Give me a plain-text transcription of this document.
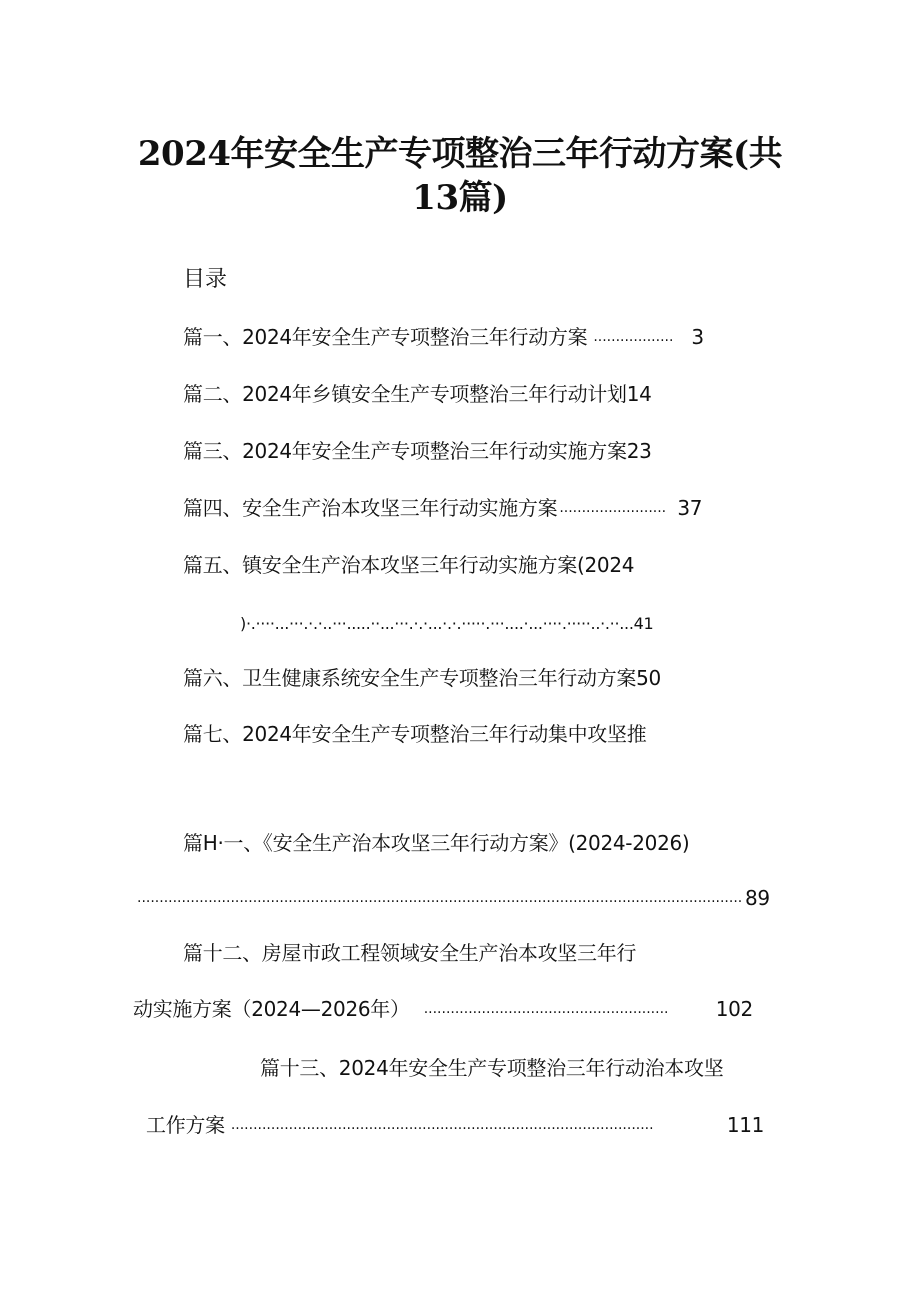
2024年安全生产专项整治三年行动方案(共
13篇)
目录
篇一、2024年安全生产专项整治三年行动方案 .................. 3
篇二、2024年乡镇安全生产专项整治三年行动计划14
篇三、2024年安全生产专项整治三年行动实施方案23
篇四、安全生产治本攻坚三年行动实施方案 ........................ 37
篇五、镇安全生产治本攻坚三年行动实施方案(2024
)·.····...···.·.·..···.....··...···.·.·...·.·.·····.···....·...····.·····..·.··...41
篇六、卫生健康系统安全生产专项整治三年行动方案50
篇七、2024年安全生产专项整治三年行动集中攻坚推
篇H·一、《安全生产治本攻坚三年行动方案》(2024-2026)
........................................................................................................................................ 89
篇十二、房屋市政工程领域安全生产治本攻坚三年行
动实施方案（2024—2026年） ....................................................... 102
篇十三、2024年安全生产专项整治三年行动治本攻坚
工作方案 ...............................................................................................	111
